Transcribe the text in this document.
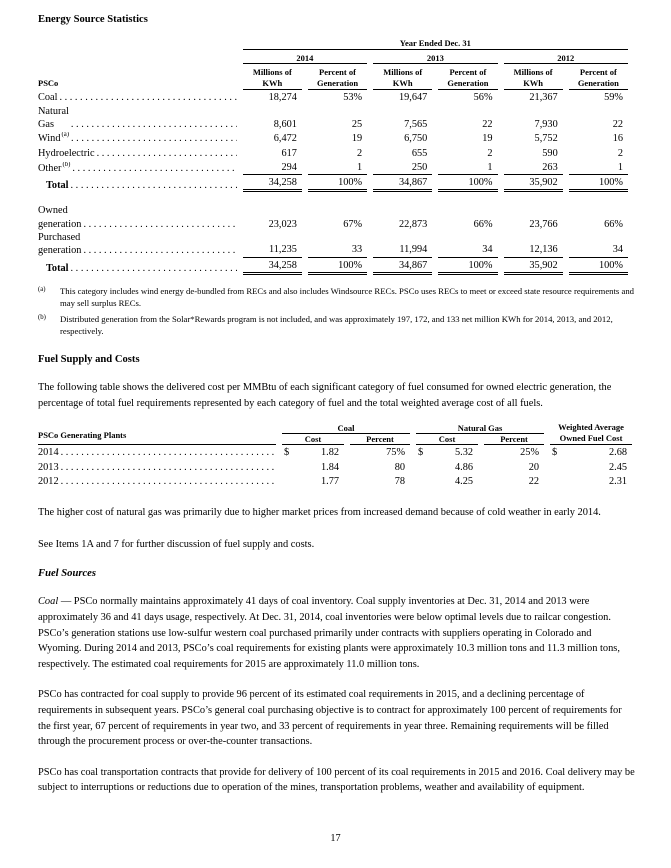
Energy Source Statistics
	Year Ended Dec. 31					

	2014		2013		2012	

PSCo	
Millions of
KWh

Percent of
Generation

Millions of
KWh

Percent of
Generation

Millions of
KWh

Percent of
Generation

Coal
. . .	18,274	53%	19,647	56%	21,367	59%

Natural Gas
. . .	8,601	25	7,565	22	7,930	22

Wind (a)
. . .	6,472	19	6,750	19	5,752	16

Hydroelectric
. . .	617	2	655	2	590	2

Other (b)
. . .	294	1	250	1	263	1

Total
. . .	34,258	100%	34,867	100%	35,902	100%

Owned generation
. . .	23,023	67%	22,873	66%	23,766	66%

Purchased generation
. . .	11,235	33	11,994	34	12,136	34

Total
. . .	34,258	100%	34,867	100%	35,902	100%
(a)	This category includes wind energy de-bundled from RECs and also includes Windsource RECs. PSCo uses RECs to meet or exceed state resource requirements and may sell surplus RECs.
(b)	Distributed generation from the Solar*Rewards program is not included, and was approximately 197, 172, and 133 net million KWh for 2014, 2013, and 2012, respectively.
Fuel Supply and Costs

The following table shows the delivered cost per MMBtu of each significant category of fuel consumed for owned electric generation, the percentage of total fuel requirements represented by each category of fuel and the total weighted average cost of all fuels.

PSCo Generating Plants	Coal			Natural Gas			Weighted Average
Owned Fuel Cost	

	Cost		Percent	Cost		Percent		

2014
. . .	$	1.82	75%	$	5.32	25%	$	2.68

2013
. . .		1.84	80		4.86	20		2.45

2012
. . .		1.77	78		4.25	22		2.31

The higher cost of natural gas was primarily due to higher market prices from increased demand because of cold weather in early 2014.

See Items 1A and 7 for further discussion of fuel supply and costs.

Fuel Sources

Coal — PSCo normally maintains approximately 41 days of coal inventory. Coal supply inventories at Dec. 31, 2014 and 2013 were approximately 36 and 41 days usage, respectively. At Dec. 31, 2014, coal inventories were below optimal levels due to railcar congestion. PSCo’s generation stations use low-sulfur western coal purchased primarily under contracts with suppliers operating in Colorado and Wyoming. During 2014 and 2013, PSCo’s coal requirements for existing plants were approximately 10.3 million tons and 11.3 million tons, respectively. The estimated coal requirements for 2015 are approximately 11.0 million tons.

PSCo has contracted for coal supply to provide 96 percent of its estimated coal requirements in 2015, and a declining percentage of requirements in subsequent years. PSCo’s general coal purchasing objective is to contract for approximately 100 percent of requirements for the first year, 67 percent of requirements in year two, and 33 percent of requirements in year three. Remaining requirements will be filled through the procurement process or over-the-counter transactions.

PSCo has coal transportation contracts that provide for delivery of 100 percent of its coal requirements in 2015 and 2016. Coal delivery may be subject to interruptions or reductions due to operation of the mines, transportation problems, weather and availability of equipment.

17
